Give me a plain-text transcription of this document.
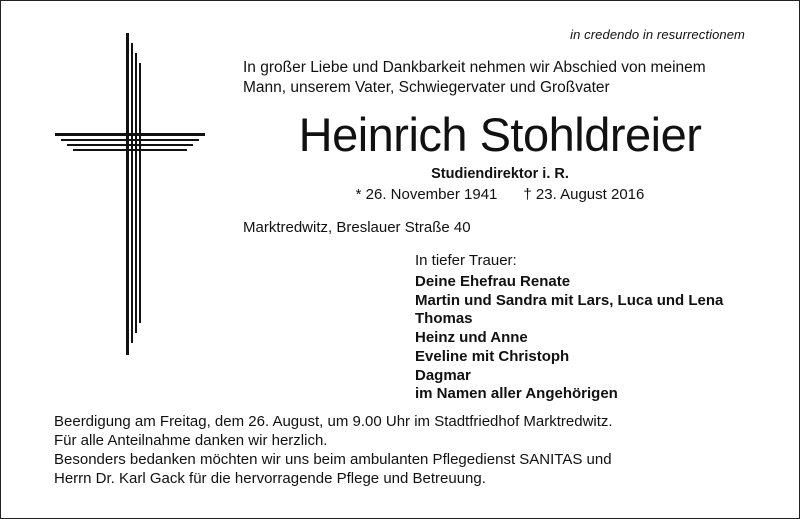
in credendo in resurrectionem
In großer Liebe und Dankbarkeit nehmen wir Abschied von meinem
Mann, unserem Vater, Schwiegervater und Großvater
Heinrich Stohldreier
Studiendirektor i. R.
* 26. November 1941 † 23. August 2016
Marktredwitz, Breslauer Straße 40
In tiefer Trauer:
Deine Ehefrau Renate
Martin und Sandra mit Lars, Luca und Lena
Thomas
Heinz und Anne
Eveline mit Christoph
Dagmar
im Namen aller Angehörigen

Beerdigung am Freitag, dem 26. August, um 9.00 Uhr im Stadtfriedhof Marktredwitz.

Für alle Anteilnahme danken wir herzlich.

Besonders bedanken möchten wir uns beim ambulanten Pflegedienst SANITAS und

Herrn Dr. Karl Gack für die hervorragende Pflege und Betreuung.
